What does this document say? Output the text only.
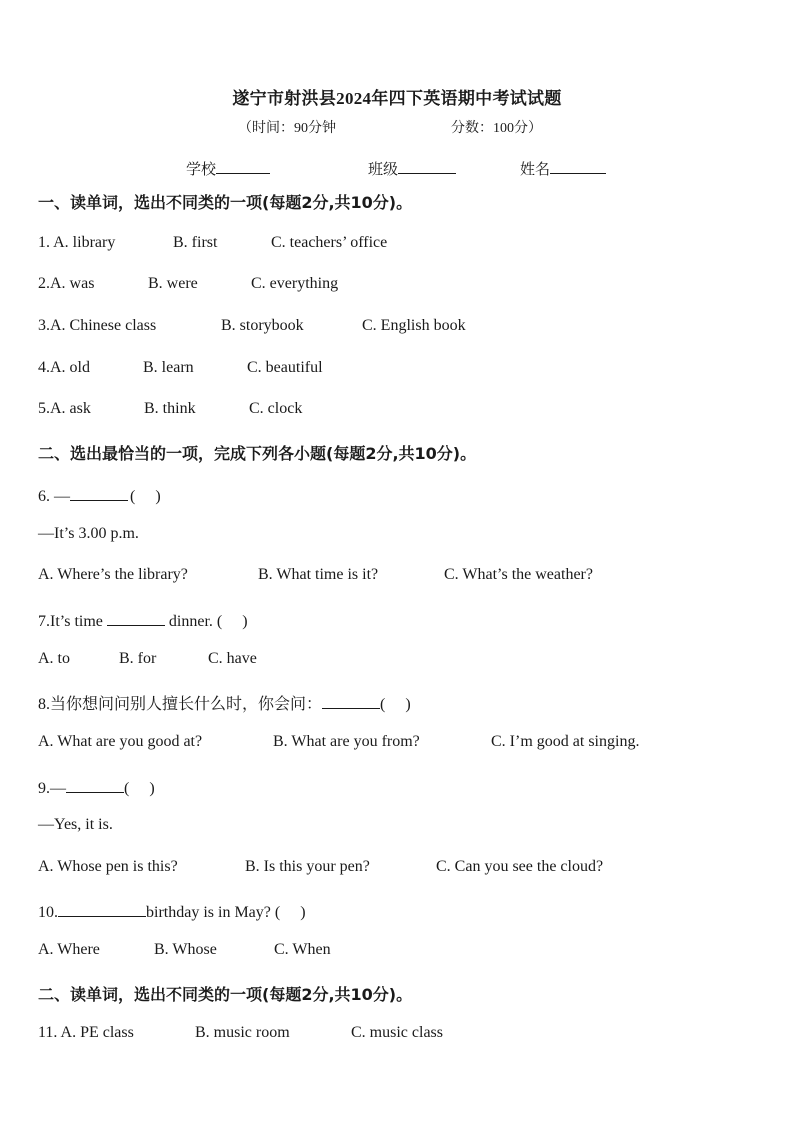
遂宁市射洪县2024年四下英语期中考试试题
（时间：90分钟	分数：100分）
学校	班级	姓名
一、读单词，选出不同类的一项(每题2分,共10分)。
1. A. library	B. first	C. teachers’ office
2.A. was	B. were	C. everything
3.A. Chinese class	B. storybook	C. English book
4.A. old	B. learn	C. beautiful
5.A. ask	B. think	C. clock
二、选出最恰当的一项，完成下列各小题(每题2分,共10分)。
6. —	(　 )
—It’s 3.00 p.m.
A. Where’s the library?	B. What time is it?	C. What’s the weather?
7.It’s time	dinner. (　 )
A. to	B. for	C. have
8.当你想问问别人擅长什么时，你会问：	(　 )
A. What are you good at?	B. What are you from?	C. I’m good at singing.
9.—	(　 )
—Yes, it is.
A. Whose pen is this?	B. Is this your pen?	C. Can you see the cloud?
10.	birthday is in May? (　 )
A. Where	B. Whose	C. When
二、读单词，选出不同类的一项(每题2分,共10分)。
11. A. PE class	B. music room	C. music class
